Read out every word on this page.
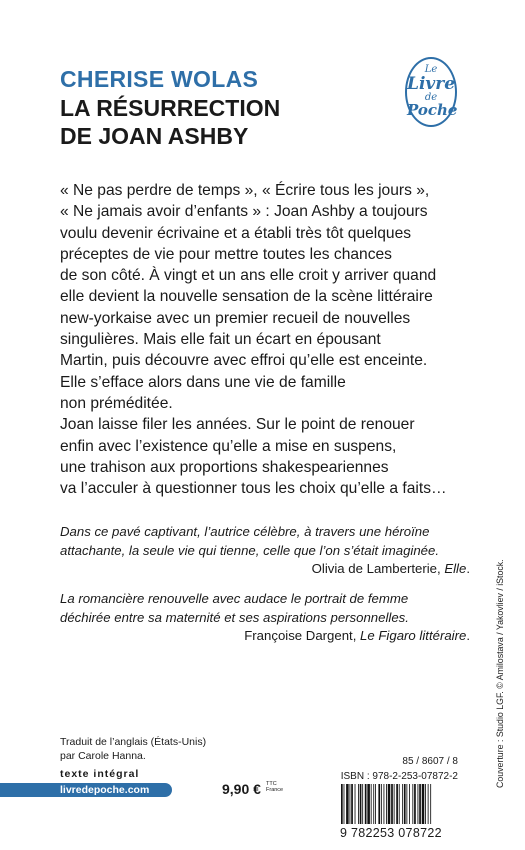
CHERISE WOLAS
LA RÉSURRECTION
DE JOAN ASHBY
Le
Livre
de
Poche
« Ne pas perdre de temps », « Écrire tous les jours »,
« Ne jamais avoir d’enfants » : Joan Ashby a toujours
voulu devenir écrivaine et a établi très tôt quelques
préceptes de vie pour mettre toutes les chances
de son côté. À vingt et un ans elle croit y arriver quand
elle devient la nouvelle sensation de la scène littéraire
new-yorkaise avec un premier recueil de nouvelles
singulières. Mais elle fait un écart en épousant
Martin, puis découvre avec effroi qu’elle est enceinte.
Elle s’efface alors dans une vie de famille
non préméditée.
Joan laisse filer les années. Sur le point de renouer
enfin avec l’existence qu’elle a mise en suspens,
une trahison aux proportions shakespeariennes
va l’acculer à questionner tous les choix qu’elle a faits…
Dans ce pavé captivant, l’autrice célèbre, à travers une héroïne
attachante, la seule vie qui tienne, celle que l’on s’était imaginée.
Olivia de Lamberterie, Elle.
La romancière renouvelle avec audace le portrait de femme
déchirée entre sa maternité et ses aspirations personnelles.
Françoise Dargent, Le Figaro littéraire.	Couverture : Studio LGF. © Amilostava / Yakovliev / iStock.
Traduit de l’anglais (États-Unis)
par Carole Hanna.
texte intégral
livredepoche.com	9,90 € TTC
France
85 / 8607 / 8
ISBN : 978-2-253-07872-2
9 782253 078722
